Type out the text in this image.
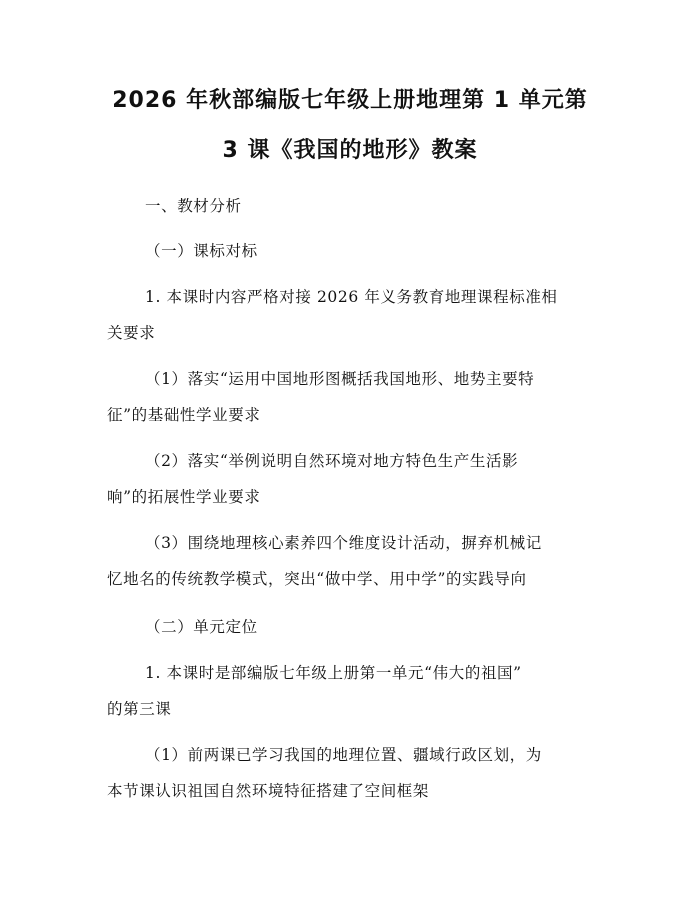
2026 年秋部编版七年级上册地理第 1 单元第
3 课《我国的地形》教案
一、教材分析
（一）课标对标
1. 本课时内容严格对接 2026 年义务教育地理课程标准相
关要求
（1）落实“运用中国地形图概括我国地形、地势主要特
征”的基础性学业要求
（2）落实“举例说明自然环境对地方特色生产生活影
响”的拓展性学业要求
（3）围绕地理核心素养四个维度设计活动，摒弃机械记
忆地名的传统教学模式，突出“做中学、用中学”的实践导向
（二）单元定位
1. 本课时是部编版七年级上册第一单元“伟大的祖国”
的第三课
（1）前两课已学习我国的地理位置、疆域行政区划，为
本节课认识祖国自然环境特征搭建了空间框架
